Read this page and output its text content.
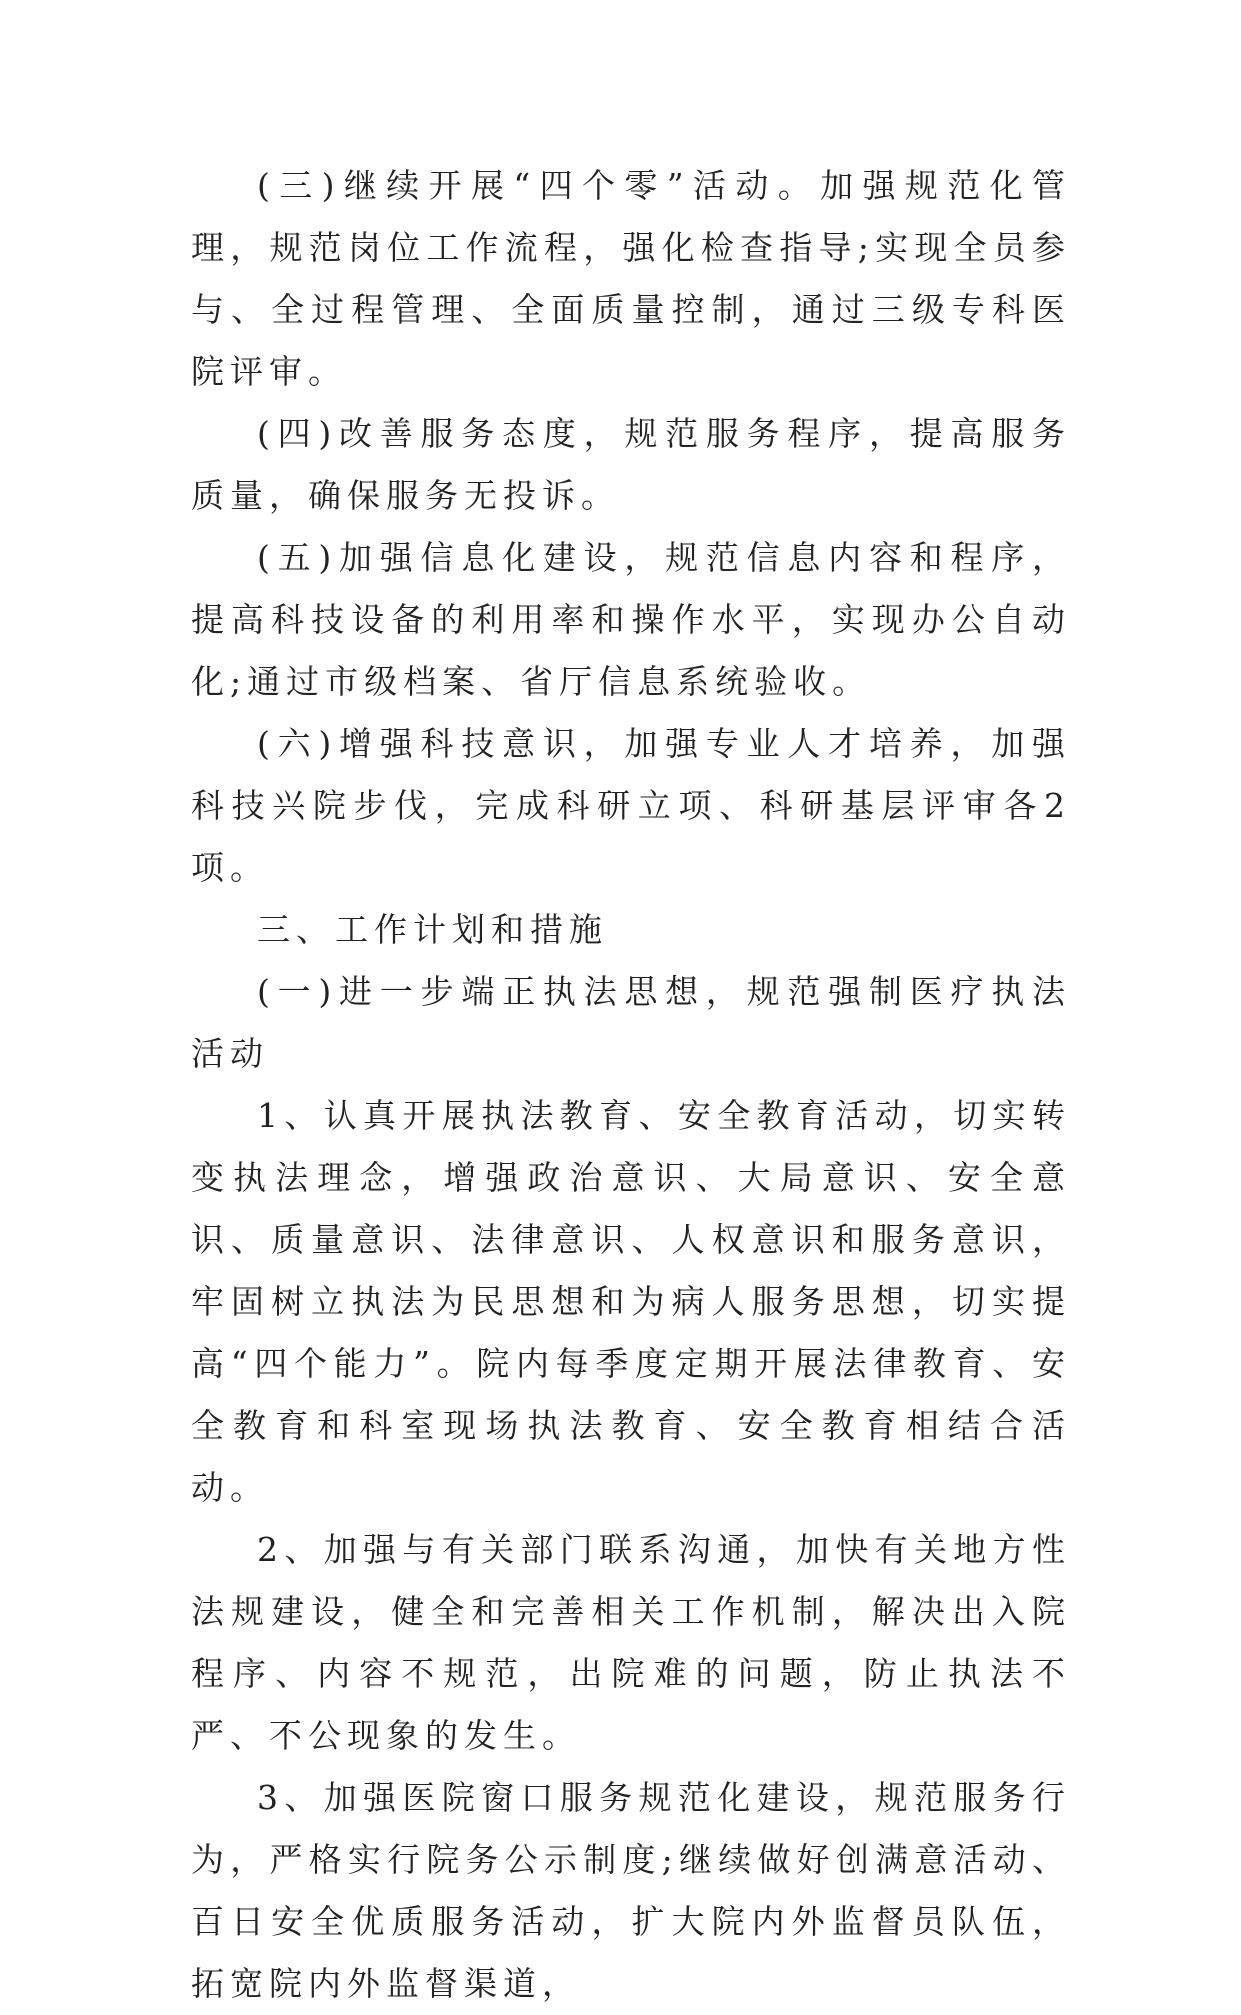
(三)继续开展“四个零”活动。加强规范化管理，规范岗位工作流程，强化检查指导;实现全员参与、全过程管理、全面质量控制，通过三级专科医院评审。

(四)改善服务态度，规范服务程序，提高服务质量，确保服务无投诉。

(五)加强信息化建设，规范信息内容和程序，提高科技设备的利用率和操作水平，实现办公自动化;通过市级档案、省厅信息系统验收。

(六)增强科技意识，加强专业人才培养，加强科技兴院步伐，完成科研立项、科研基层评审各2项。

三、工作计划和措施

(一)进一步端正执法思想，规范强制医疗执法活动

1、认真开展执法教育、安全教育活动，切实转变执法理念，增强政治意识、大局意识、安全意识、质量意识、法律意识、人权意识和服务意识，牢固树立执法为民思想和为病人服务思想，切实提高“四个能力”。院内每季度定期开展法律教育、安全教育和科室现场执法教育、安全教育相结合活动。

2、加强与有关部门联系沟通，加快有关地方性法规建设，健全和完善相关工作机制，解决出入院程序、内容不规范，出院难的问题，防止执法不严、不公现象的发生。

3、加强医院窗口服务规范化建设，规范服务行为，严格实行院务公示制度;继续做好创满意活动、百日安全优质服务活动，扩大院内外监督员队伍，拓宽院内外监督渠道，
